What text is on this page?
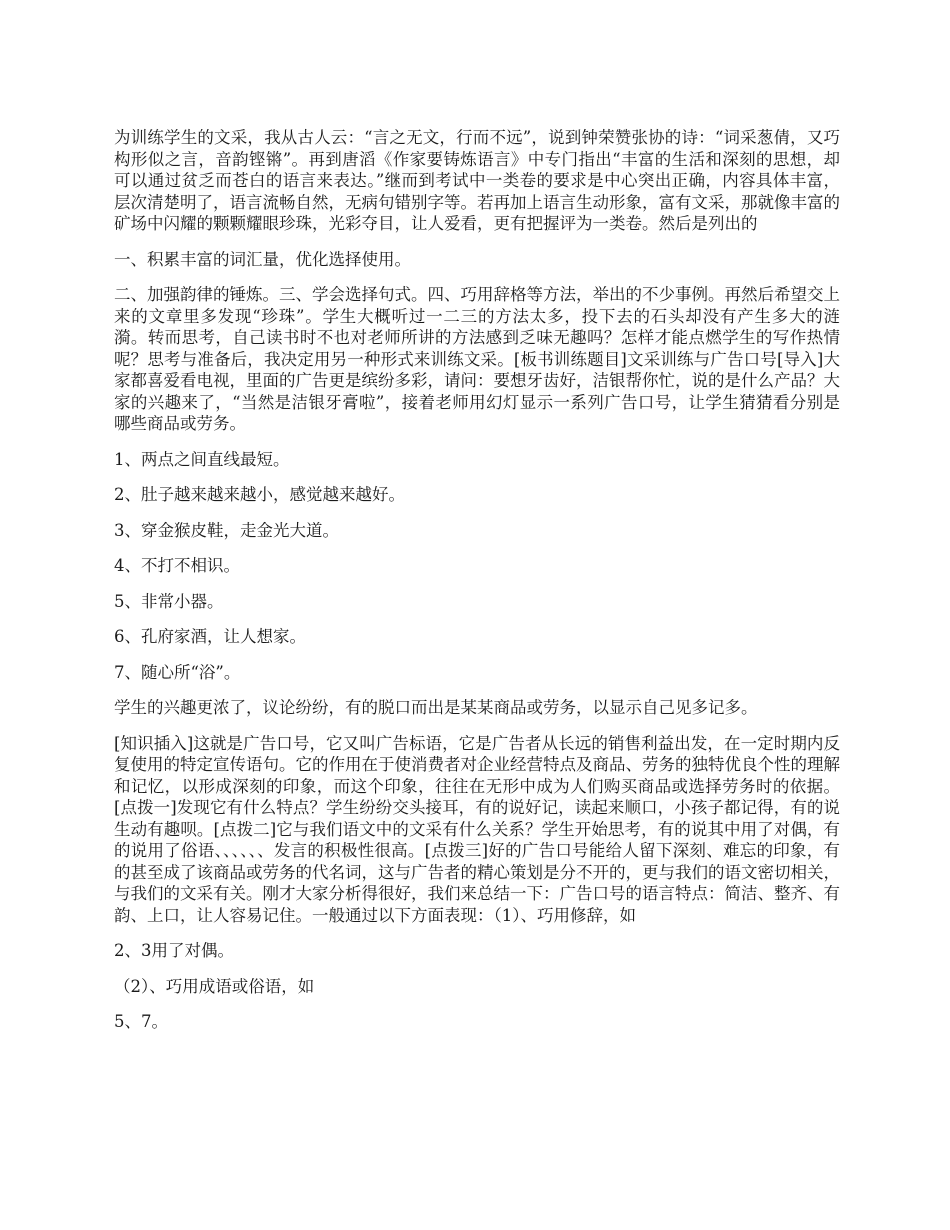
为训练学生的文采，我从古人云：“言之无文，行而不远”，说到钟荣赞张协的诗：“词采葱倩，又巧构形似之言，音韵铿锵”。再到唐滔《作家要铸炼语言》中专门指出“丰富的生活和深刻的思想，却可以通过贫乏而苍白的语言来表达。”继而到考试中一类卷的要求是中心突出正确，内容具体丰富，层次清楚明了，语言流畅自然，无病句错别字等。若再加上语言生动形象，富有文采，那就像丰富的矿场中闪耀的颗颗耀眼珍珠，光彩夺目，让人爱看，更有把握评为一类卷。然后是列出的

一、积累丰富的词汇量，优化选择使用。

二、加强韵律的锤炼。三、学会选择句式。四、巧用辞格等方法，举出的不少事例。再然后希望交上来的文章里多发现“珍珠”。学生大概听过一二三的方法太多，投下去的石头却没有产生多大的涟漪。转而思考，自己读书时不也对老师所讲的方法感到乏味无趣吗？怎样才能点燃学生的写作热情呢？思考与准备后，我决定用另一种形式来训练文采。[板书训练题目]文采训练与广告口号[导入]大家都喜爱看电视，里面的广告更是缤纷多彩，请问：要想牙齿好，洁银帮你忙，说的是什么产品？大家的兴趣来了，“当然是洁银牙膏啦”，接着老师用幻灯显示一系列广告口号，让学生猜猜看分别是哪些商品或劳务。

1、两点之间直线最短。

2、肚子越来越来越小，感觉越来越好。

3、穿金猴皮鞋，走金光大道。

4、不打不相识。

5、非常小器。

6、孔府家酒，让人想家。

7、随心所“浴”。

学生的兴趣更浓了，议论纷纷，有的脱口而出是某某商品或劳务，以显示自己见多记多。

[知识插入]这就是广告口号，它又叫广告标语，它是广告者从长远的销售利益出发，在一定时期内反复使用的特定宣传语句。它的作用在于使消费者对企业经营特点及商品、劳务的独特优良个性的理解和记忆，以形成深刻的印象，而这个印象，往往在无形中成为人们购买商品或选择劳务时的依据。[点拨一]发现它有什么特点？学生纷纷交头接耳，有的说好记，读起来顺口，小孩子都记得，有的说生动有趣呗。[点拨二]它与我们语文中的文采有什么关系？学生开始思考，有的说其中用了对偶，有的说用了俗语、、、、、、发言的积极性很高。[点拨三]好的广告口号能给人留下深刻、难忘的印象，有的甚至成了该商品或劳务的代名词，这与广告者的精心策划是分不开的，更与我们的语文密切相关，与我们的文采有关。刚才大家分析得很好，我们来总结一下：广告口号的语言特点：简洁、整齐、有韵、上口，让人容易记住。一般通过以下方面表现：（1）、巧用修辞，如

2、3用了对偶。

（2）、巧用成语或俗语，如

5、7。
